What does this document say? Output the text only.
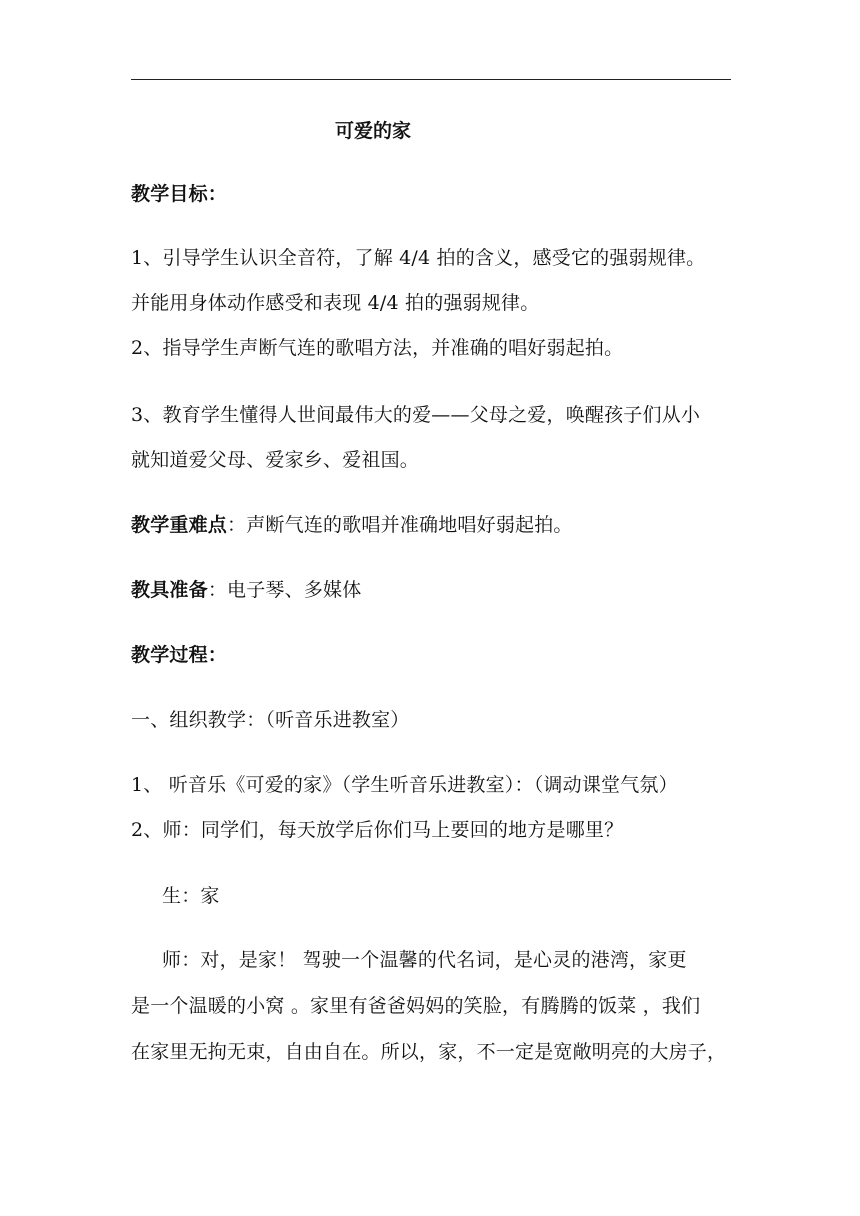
可爱的家
教学目标：
1、引导学生认识全音符，了解 4/4 拍的含义，感受它的强弱规律。
并能用身体动作感受和表现 4/4 拍的强弱规律。
2、指导学生声断气连的歌唱方法，并准确的唱好弱起拍。
3、教育学生懂得人世间最伟大的爱——父母之爱，唤醒孩子们从小
就知道爱父母、爱家乡、爱祖国。
教学重难点：声断气连的歌唱并准确地唱好弱起拍。
教具准备：电子琴、多媒体
教学过程：
一、组织教学：（听音乐进教室）
1、 听音乐《可爱的家》（学生听音乐进教室）：（调动课堂气氛）
2、师：同学们，每天放学后你们马上要回的地方是哪里？
生：家
师：对，是家！ 驾驶一个温馨的代名词，是心灵的港湾，家更
是一个温暖的小窝 。家里有爸爸妈妈的笑脸，有腾腾的饭菜 ，我们
在家里无拘无束，自由自在。所以，家，不一定是宽敞明亮的大房子，
